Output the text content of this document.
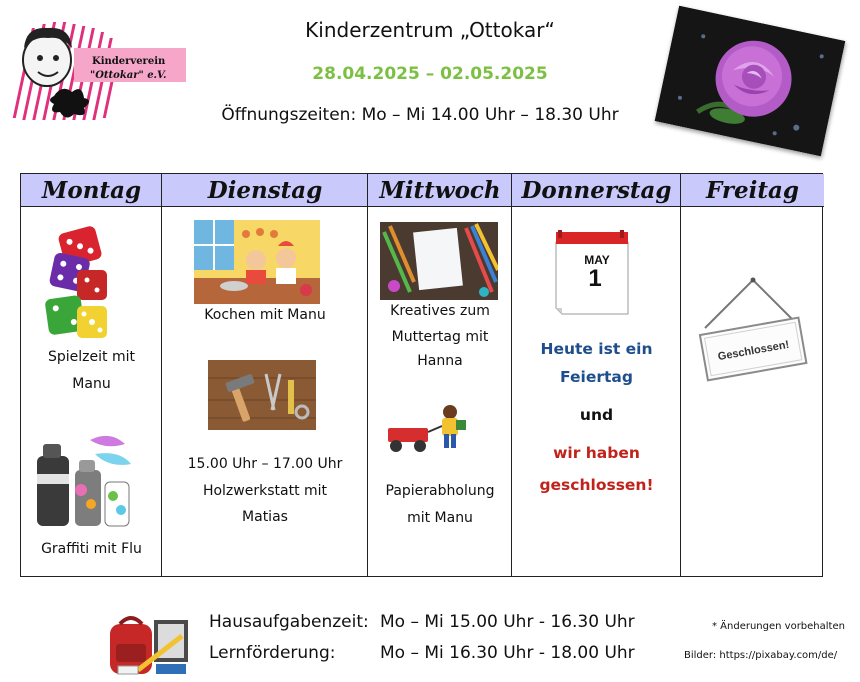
Kinderverein
"Ottokar" e.V.
Kinderzentrum „Ottokar“
28.04.2025 – 02.05.2025
Öffnungszeiten: Mo – Mi 14.00 Uhr – 18.30 Uhr
Montag
Spielzeit mit
Manu
Graffiti mit Flu
Dienstag
Kochen mit Manu
15.00 Uhr – 17.00 Uhr
Holzwerkstatt mit
Matias
Mittwoch
Kreatives zum
Muttertag mit
Hanna
Papierabholung
mit Manu
Donnerstag
MAY
1
Heute ist ein
Feiertag
und
wir haben
geschlossen!
Freitag
Geschlossen!
Hausaufgabenzeit: Mo – Mi 15.00 Uhr - 16.30 Uhr
Lernförderung:	Mo – Mi 16.30 Uhr - 18.00 Uhr
* Änderungen vorbehalten
Bilder: https://pixabay.com/de/
